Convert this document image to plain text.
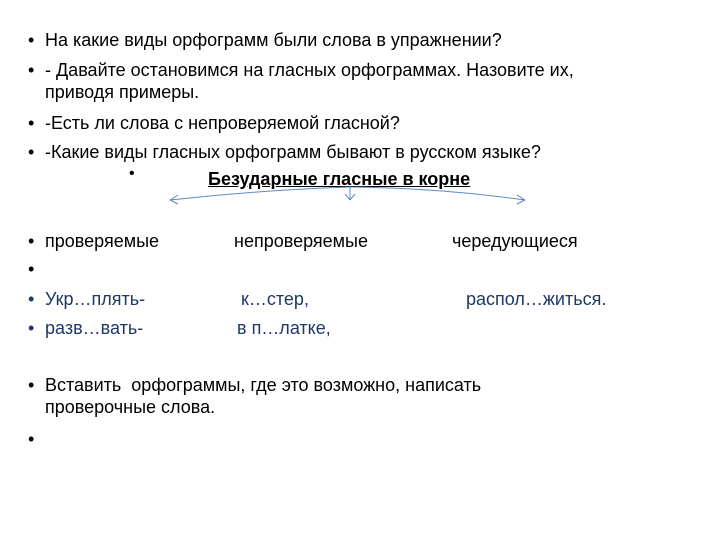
• На какие виды орфограмм были слова в упражнении?
• - Давайте остановимся на гласных орфограммах. Назовите их,
приводя примеры.
• -Есть ли слова с непроверяемой гласной?
• -Какие виды гласных орфограмм бывают в русском языке?
•	Безударные гласные в корне
• проверяемые	непроверяемые	чередующиеся
•
• Укр…плять-	к…стер,	распол…житься.
• разв…вать-	в п…латке,
• Вставить  орфограммы, где это возможно, написать
проверочные слова.
•
